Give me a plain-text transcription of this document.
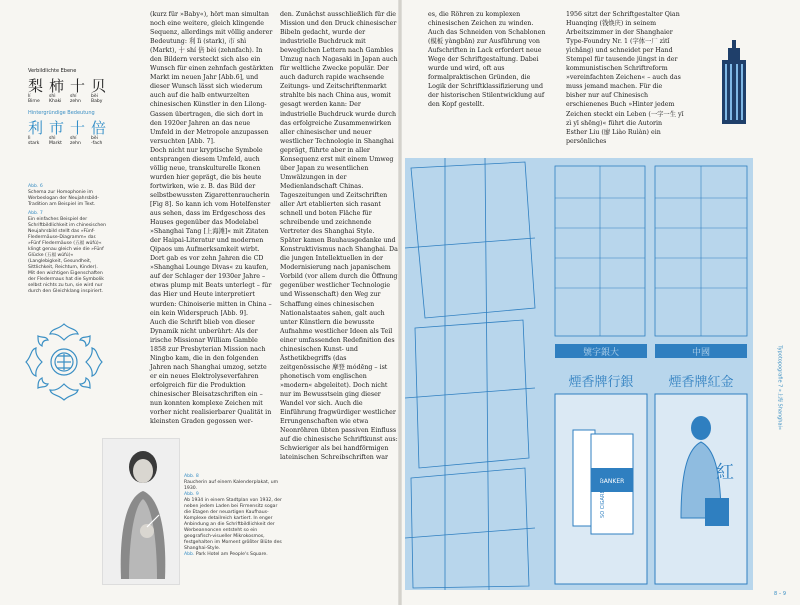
Verbildlichte Ebene
梨
lí
Birne
柿
shì
Khaki
十
shí
zehn
贝
bèi
Baby
Hintergründige Bedeutung
利
lì
stark
市
shì
Markt
十
shí
zehn
倍
bèi
-fach
Abb. 6
Schema zur Homophonie im Werbeslogan der Neujahrsbild-Tradition am Beispiel im Text.
Abb. 7
Ein einfaches Beispiel der Schriftbildlichkeit im chinesischen Neujahrsbild stellt das »Fünf-Fledermäuse-Diagramm« dar. »Fünf Fledermäuse (五福 wǔfú)« klingt genau gleich wie die »Fünf Glücke (五福 wǔfú)« (Langlebigkeit, Gesundheit, Sittlichkeit, Reichtum, Kinder). Mit den wichtigen Eigenschaften der Fledermaus hat die Symbolik selbst nichts zu tun, sie wird nur durch den Gleichklang inspiriert.
(kurz für »Baby«), hört man simultan noch eine weitere, gleich klingende Sequenz, allerdings mit völlig anderer Bedeutung: 利 lì (stark), 市 shì (Markt), 十 shí 倍 bèi (zehnfach). In den Bildern versteckt sich also ein Wunsch für einen zehnfach gestärkten Markt im neuen Jahr [Abb.6], und dieser Wunsch lässt sich wiederum auch auf die halb entwurzelten chinesischen Künstler in den Lilong-Gassen übertragen, die sich dort in den 1920er Jahren an das neue Umfeld in der Metropole anzupassen versuchten [Abb. 7].
Doch nicht nur kryptische Symbole entsprangen diesem Umfeld, auch völlig neue, transkulturelle Ikonen wurden hier geprägt, die bis heute fortwirken, wie z. B. das Bild der selbstbewussten Zigarettenraucherin [Fig 8]. So kann ich vom Hotelfenster aus sehen, dass im Erdgeschoss des Hauses gegenüber das Modelabel »Shanghai Tang [上海滩]« mit Zitaten der Haipai-Literatur und modernen Qipaos um Aufmerksamkeit wirbt. Dort gab es vor zehn Jahren die CD »Shanghai Lounge Divas« zu kaufen, auf der Schlager der 1930er Jahre – etwas plump mit Beats unterlegt – für das Hier und Heute interpretiert wurden: Chinoiserie mitten in China – ein kein Widerspruch [Abb. 9].
Auch die Schrift blieb von dieser Dynamik nicht unberührt: Als der irische Missionar William Gamble 1858 zur Presbyterian Mission nach Ningbo kam, die in den folgenden Jahren nach Shanghai umzog, setzte er ein neues Elektrolyseverfahren erfolgreich für die Produktion chinesischer Bleisatzschriften ein – nun konnten komplexe Zeichen mit vorher nicht realisierbarer Qualität in kleinsten Graden gegossen wer-
den. Zunächst ausschließlich für die Mission und den Druck chinesischer Bibeln gedacht, wurde der industrielle Buchdruck mit beweglichen Lettern nach Gambles Umzug nach Nagasaki in Japan auch für weltliche Zwecke populär. Der auch dadurch rapide wachsende Zeitungs- und Zeitschriftenmarkt strahlte bis nach China aus, womit gesagt werden kann: Der industrielle Buchdruck wurde durch das erfolgreiche Zusammenwirken aller chinesischer und neuer westlicher Technologie in Shanghai geprägt, führte aber in aller Konsequenz erst mit einem Umweg über Japan zu wesentlichen Umwälzungen in der Medienlandschaft Chinas. Tageszeitungen und Zeitschriften aller Art etablierten sich rasant schnell und boten Fläche für schreibende und zeichnende Vertreter des Shanghai Style.
Später kamen Bauhausgedanke und Konstruktivismus nach Shanghai. Da die jungen Intellektuellen in der Modernisierung nach japanischem Vorbild (vor allem durch die Öffnung gegenüber westlicher Technologie und Wissenschaft) den Weg zur Schaffung eines chinesischen Nationalstaates sahen, galt auch unter Künstlern die bewusste Aufnahme westlicher Ideen als Teil einer umfassenden Redefinition des chinesischen Kunst- und Ästhetikbegriffs (das zeitgenössische 摩登 módēng – ist phonetisch vom englischen »modern« abgeleitet). Doch nicht nur im Bewusstsein ging dieser Wandel vor sich. Auch die Einführung fragwürdiger westlicher Errungenschaften wie etwa Neonröhren übten passiven Einfluss auf die chinesische Schriftkunst aus: Schwieriger als bei handförmigen lateinischen Schreibschriften war
es, die Röhren zu komplexen chinesischen Zeichen zu winden. Auch das Schneiden von Schablonen (模板 yàngbǎn) zur Ausführung von Aufschriften in Lack erfordert neue Wege der Schriftgestaltung. Dabei wurde und wird, oft aus formalpraktischen Gründen, die Logik der Schriftklassifizierung und der historischen Stilentwicklung auf den Kopf gestellt.
1956 sitzt der Schriftgestalter Qian Huanqing (钱焕庆) in seinem Arbeitszimmer in der Shanghaier Type-Foundry Nr. 1 (字体一厂 zìtǐ yìchǎng) und schneidet per Hand Stempel für tausende jüngst in der kommunistischen Schriftreform »vereinfachten Zeichen« – auch das muss jemand machen. Für die bisher nur auf Chinesisch erschienenes Buch »Hinter jedem Zeichen steckt ein Leben (一字一生 yī zì yī shēng)« führt die Autorin Esther Liu (廖 Liào Ruìàn) ein persönliches
Abb. 8
Raucherin auf einem Kalenderplakat, um 1930.
Abb. 9
Ab 1934 in einem Stadtplan von 1932, der neben jedem Laden bei Firmensitz sogar die Etagen der neuartigen Kaufhaus-Komplexe detailreich kartiert. In enger Anbindung an die Schriftbildlichkeit der Werbeannoncen entsteht so ein geografisch-visueller Mikrokosmos, festgehalten im Moment größter Blüte des Shanghai-Style.
Abb. Park Hotel am People's Square.
號字銀大	中國
煙香牌行銀	煙香牌紅金
BANKER
SO CIGARETTES
紅
Typotopografie 7 »上海 Shanghai«
8 – 9
